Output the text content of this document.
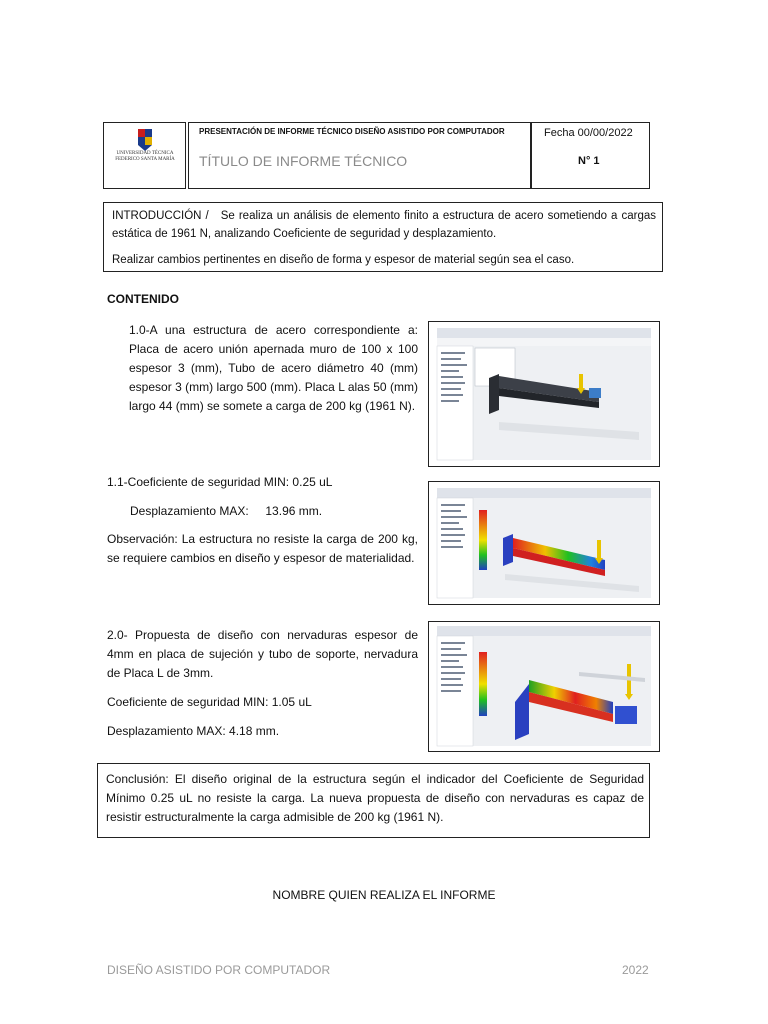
UNIVERSIDAD TÉCNICA
FEDERICO SANTA MARÍA
PRESENTACIÓN DE INFORME TÉCNICO DISEÑO ASISTIDO POR COMPUTADOR
TÍTULO DE INFORME TÉCNICO
Fecha 00/00/2022
N° 1
INTRODUCCIÓN / Se realiza un análisis de elemento finito a estructura de acero sometiendo a cargas estática de 1961 N, analizando Coeficiente de seguridad y desplazamiento.
Realizar cambios pertinentes en diseño de forma y espesor de material según sea el caso.
CONTENIDO
1.0-A una estructura de acero correspondiente a: Placa de acero unión apernada muro de 100 x 100 espesor 3 (mm), Tubo de acero diámetro 40 (mm) espesor 3 (mm) largo 500 (mm). Placa L alas 50 (mm) largo 44 (mm) se somete a carga de 200 kg (1961 N).
1.1-Coeficiente de seguridad MIN: 0.25 uL
Desplazamiento MAX:     13.96 mm.
Observación: La estructura no resiste la carga de 200 kg, se requiere cambios en diseño y espesor de materialidad.
2.0- Propuesta de diseño con nervaduras espesor de 4mm en placa de sujeción y tubo de soporte, nervadura de Placa L de 3mm.
Coeficiente de seguridad MIN: 1.05 uL
Desplazamiento MAX: 4.18 mm.
Conclusión: El diseño original de la estructura según el indicador del Coeficiente de Seguridad Mínimo 0.25 uL no resiste la carga. La nueva propuesta de diseño con nervaduras es capaz de resistir estructuralmente la carga admisible de 200 kg (1961 N).
NOMBRE QUIEN REALIZA EL INFORME
DISEÑO ASISTIDO POR COMPUTADOR	2022
